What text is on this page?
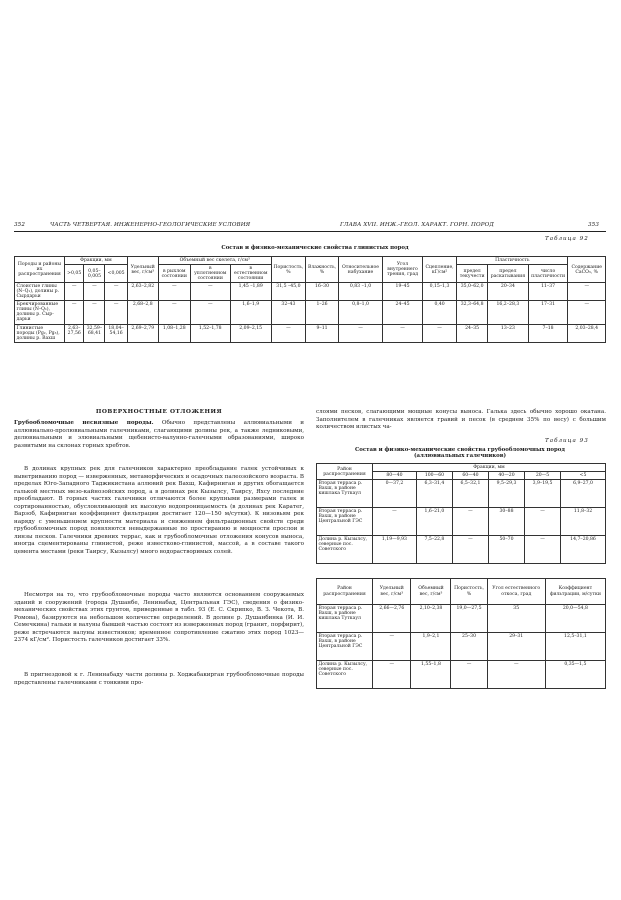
352	ЧАСТЬ ЧЕТВЕРТАЯ. ИНЖЕНЕРНО-ГЕОЛОГИЧЕСКИЕ УСЛОВИЯ	ГЛАВА XVII. ИНЖ.-ГЕОЛ. ХАРАКТ. ГОРН. ПОРОД	353
Таблица 92
Состав и физико-механические свойства глинистых пород
Породы и районы их распространения	Фракции, мм			Удельный вес, г/см³	Объемный вес скелета, г/см³			Пористость, %	Влажность, %	Относительное набухание	Угол внутреннего трения, град	Сцепление, кГ/см²	Пластичность			Содержание CaCO₃, %
	>0,05	0,05–0,005	<0,005		в рыхлом состоянии	в уплотненном состоянии	в естественном состоянии						предел текучести	предел раскатывания	число пластичности	
Слоистые глины (N–Q₁), долины р. Сырдарьи	—	—	—	2,63–2,82	—	—	1,45 –1,89	31,5 –45,0	16–30	0,83 –1,0	19–45	0,15–1,3	35,0–62,0	20–34	11–37	—
Брекчированные глины (N–Q₁), долины р. Сыр-дарьи	—	—	—	2,68–2,8	—	—	1,6–1,9	32–43	1–26	0,8–1,0	24–45	0,40	32,3–64,8	16,2–28,3	17–31	—
Глинистые породы (Pg₂, Pg₃), долины р. Вахш	2,63–27,56	32,59–68,41	18,04–54,16	2,69–2,79	1,08–1,28	1,52–1,78	2,09–2,15	—	9–11	—	—	—	24–35	13–23	7–18	2,03–28,4
ПОВЕРХНОСТНЫЕ ОТЛОЖЕНИЯ
Грубообломочные несвязные породы. Обычно представлены аллювиальными и аллювиально-пролювиальными галечниками, слагающими долины рек, а также ледниковыми, делювиальными и элювиальными щебенисто-валунно-галечными образованиями, широко развитыми на склонах горных хребтов.
В долинах крупных рек для галечников характерно преобладание галек устойчивых к выветриванию пород — изверженных, метаморфических и осадочных палеозойского возраста. В пределах Юго-Западного Таджикистана аллювий рек Вахш, Кафирниган и других обогащается галькой местных мезо-кайнозойских пород, а в долинах рек Кызылсу, Таирсу, Яхсу последние преобладают. В горных частях галечники отличаются более крупными размерами галек и сортированностью, обусловливающей их высокую водопроницаемость (в долинах рек Каратег, Варзоб, Кафирниган коэффициент фильтрации достигает 120—150 м/сутки). К низовьям рек наряду с уменьшением крупности материала и снижением фильтрационных свойств среди грубообломочных пород появляются невыдержанные по простиранию и мощности прослои и линзы песков. Галечники древних террас, как и грубообломочные отложения конусов выноса, иногда сцементированы глинистой, реже известково-глинистой, массой, а в составе такого цемента местами (реки Таирсу, Кызылсу) много водорастворимых солей.
Несмотря на то, что грубообломочные породы часто являются основанием сооружаемых зданий и сооружений (города Душанбе, Ленинабад, Центральная ГЭС), сведения о физико-механических свойствах этих грунтов, приведенные в табл. 93 (Е. С. Скрипко, В. З. Чекота, В. Ромова), базируются на небольшом количестве определений. В долине р. Душанбинка (И. И. Семечкина) гальки и валуны бывшей частью состоят из изверженных пород (гранит, порфирит), реже встречаются валуны известняков; временное сопротивление сжатию этих пород 1023—2374 кГ/см². Пористость галечников достигает 33%.
В пригнездовой к г. Ленинабаду части долины р. Ходжабакирган грубообломочные породы представлены галечниками с тонкими про-
слоями песков, слагающими мощные конусы выноса. Галька здесь обычно хорошо окатана. Заполнителем в галечниках является гравий и песок (в среднем 35% по весу) с большим количеством илистых ча-
Таблица 93
Состав и физико-механические свойства грубообломочных пород (аллювиальных галечников)
Район распространения	Фракции, мм					
	80—40	100—60	60—40	40—20	20—5	<5
Вторая терраса р. Вахш, в районе кишлака Туткаул	0—37,2	6,3–31,4	6,5–32,1	9,5–29,3	3,9–19,5	6,9–27,0
Вторая терраса р. Вахш, в районе Центральной ГЭС	—	1,6–21,0	—	30–88	—	11,8–32
Долина р. Кызылсу, северные пос. Советского	1,19—9,93	7,5–22,8	—	50–70	—	14,7–20,86
Район распространения	Удельный вес, г/см³	Объемный вес, г/см³	Пористость, %	Угол естественного откоса, град	Коэффициент фильтрации, м/сутки
Вторая терраса р. Вахш, в районе кишлака Туткаул	2,66—2,76	2,10–2,38	19,0—27,5	35	20,0—54,8
Вторая терраса р. Вахш, в районе Центральной ГЭС	—	1,9–2,1	25–30	29–31	12,5–31,1
Долина р. Кызылсу, северные пос. Советского	—	1,55–1,8	—	—	0,35—1,5
